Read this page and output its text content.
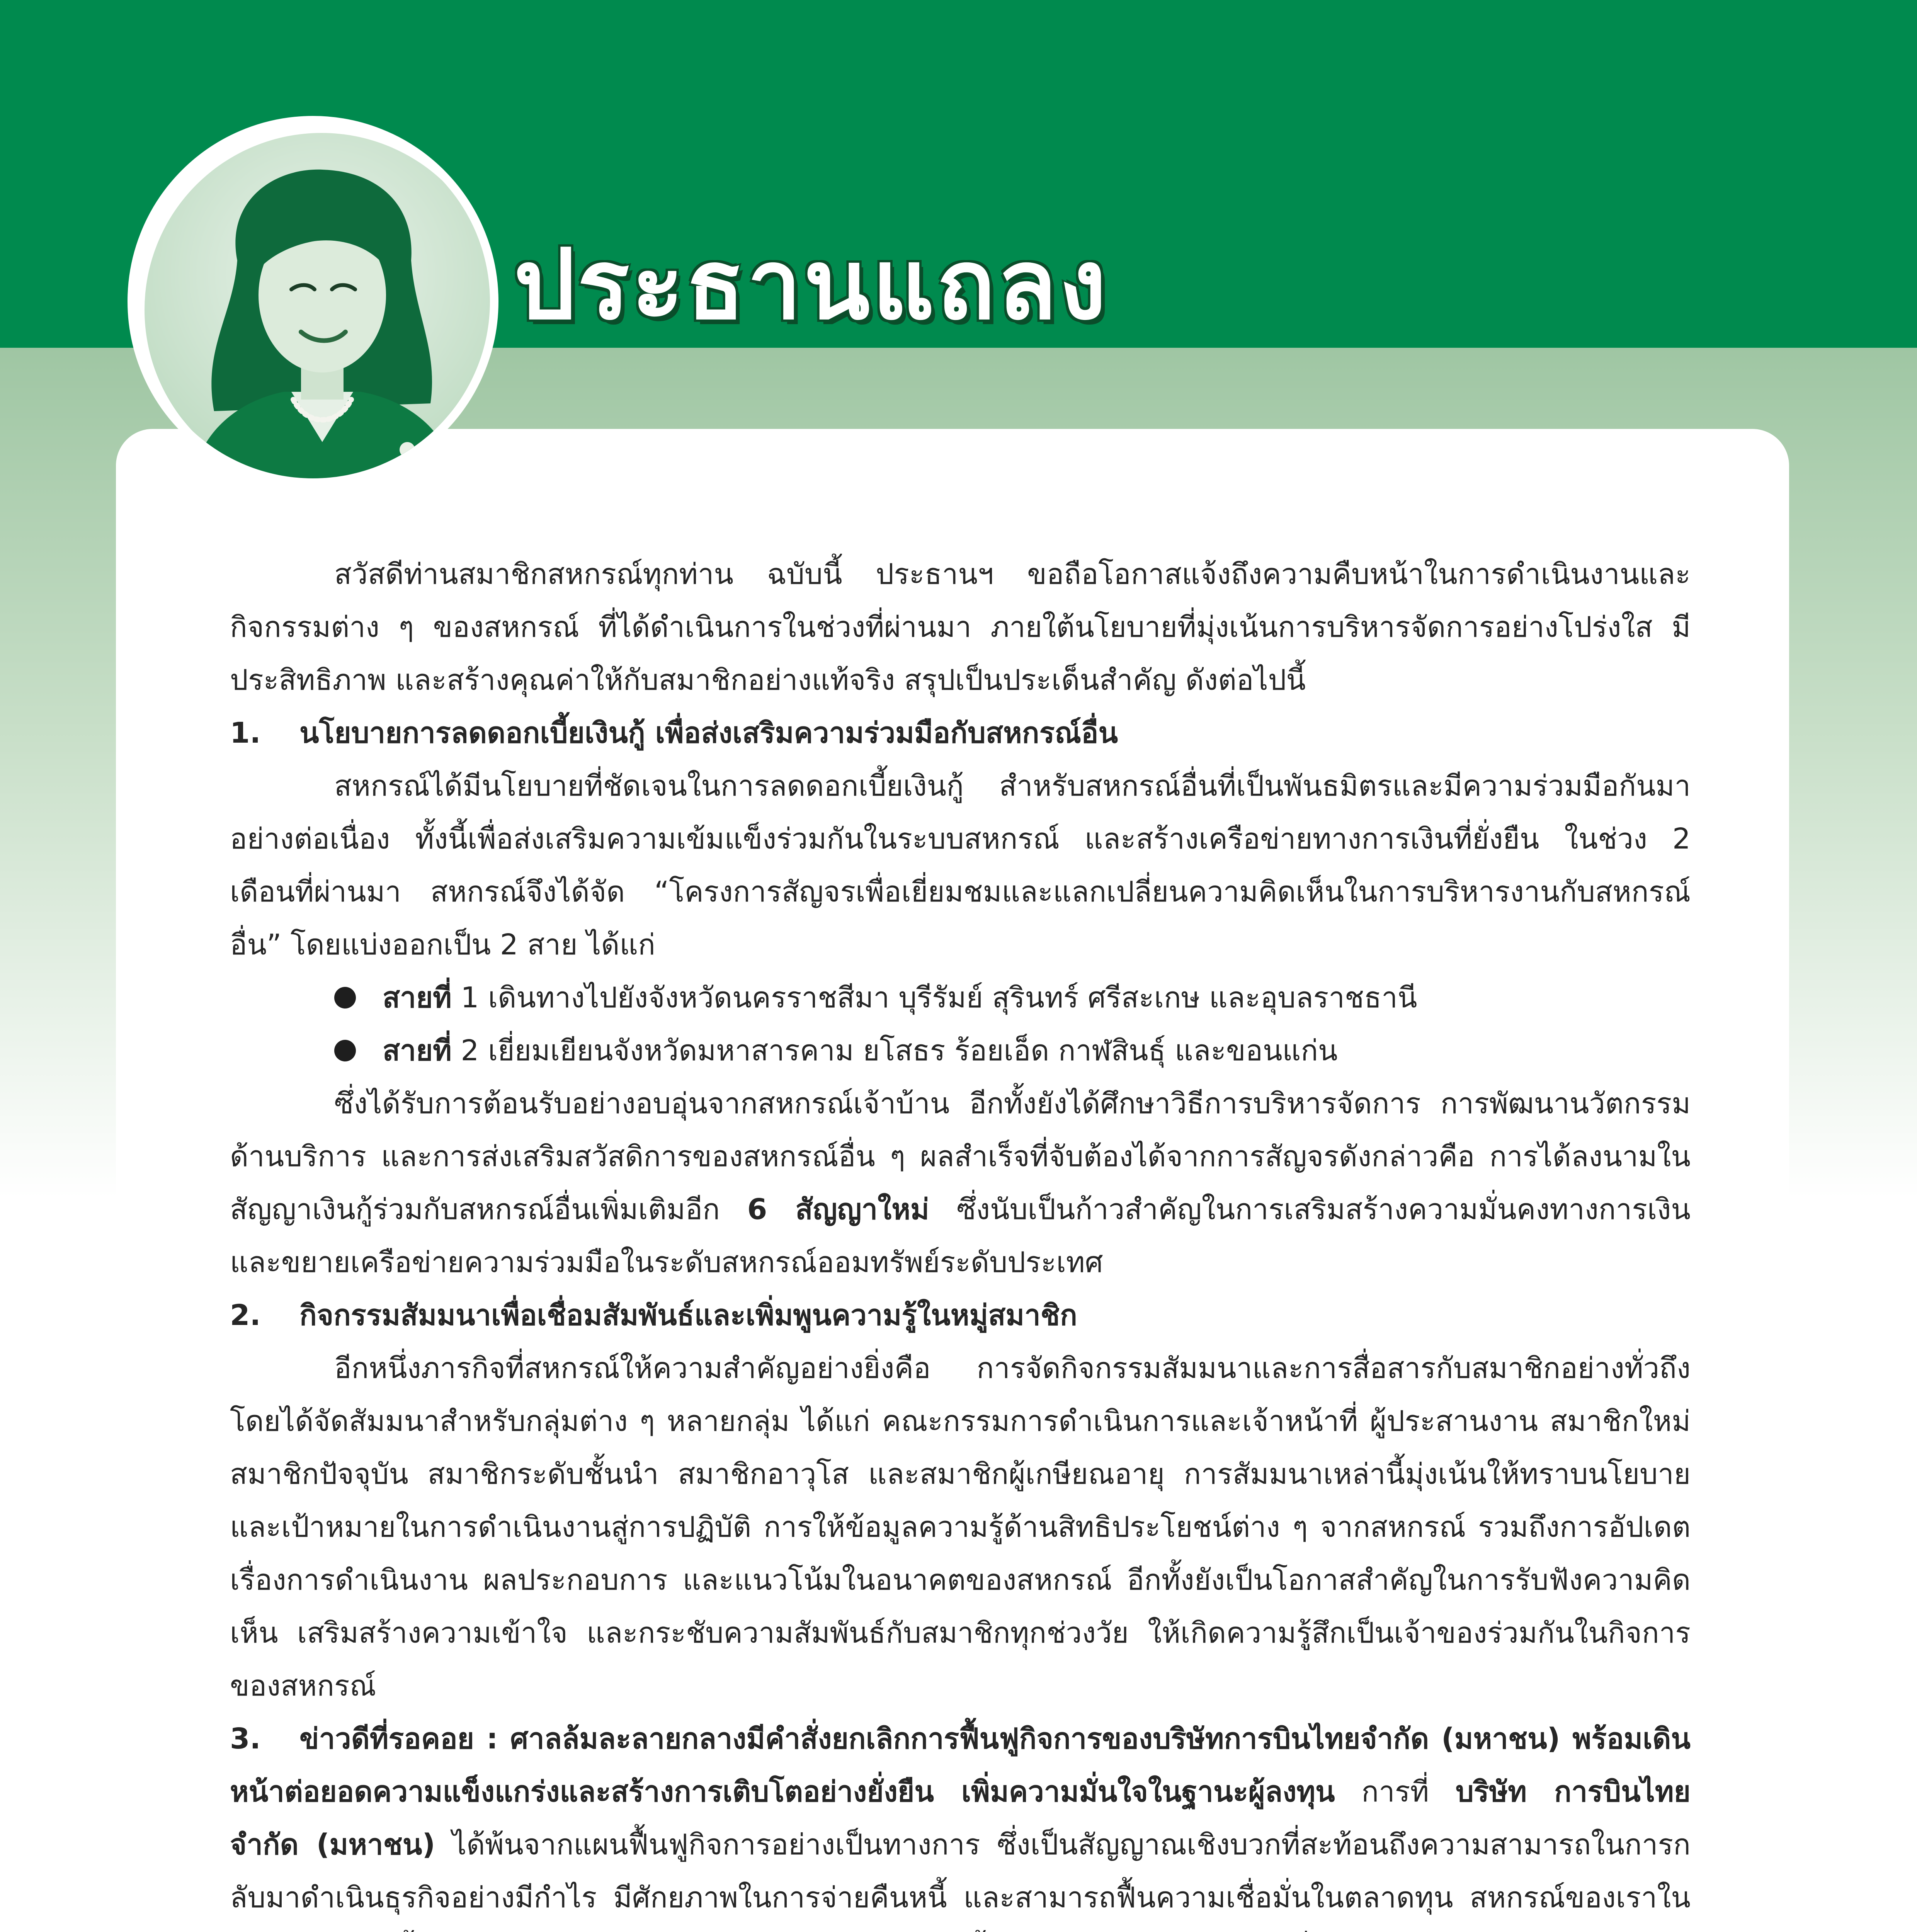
ประธานแถลง

สวัสดีท่านสมาชิกสหกรณ์ทุกท่าน ฉบับนี้ ประธานฯ ขอถือโอกาสแจ้งถึงความคืบหน้าในการดำเนินงานและกิจกรรมต่าง ๆ ของสหกรณ์ ที่ได้ดำเนินการในช่วงที่ผ่านมา ภายใต้นโยบายที่มุ่งเน้นการบริหารจัดการอย่างโปร่งใส มีประสิทธิภาพ และสร้างคุณค่าให้กับสมาชิกอย่างแท้จริง สรุปเป็นประเด็นสำคัญ ดังต่อไปนี้

1. นโยบายการลดดอกเบี้ยเงินกู้ เพื่อส่งเสริมความร่วมมือกับสหกรณ์อื่น

สหกรณ์ได้มีนโยบายที่ชัดเจนในการลดดอกเบี้ยเงินกู้ สำหรับสหกรณ์อื่นที่เป็นพันธมิตรและมีความร่วมมือกันมาอย่างต่อเนื่อง ทั้งนี้เพื่อส่งเสริมความเข้มแข็งร่วมกันในระบบสหกรณ์ และสร้างเครือข่ายทางการเงินที่ยั่งยืน ในช่วง 2 เดือนที่ผ่านมา สหกรณ์จึงได้จัด “โครงการสัญจรเพื่อเยี่ยมชมและแลกเปลี่ยนความคิดเห็นในการบริหารงานกับสหกรณ์อื่น” โดยแบ่งออกเป็น 2 สาย ได้แก่

สายที่ 1 เดินทางไปยังจังหวัดนครราชสีมา บุรีรัมย์ สุรินทร์ ศรีสะเกษ และอุบลราชธานี

สายที่ 2 เยี่ยมเยียนจังหวัดมหาสารคาม ยโสธร ร้อยเอ็ด กาฬสินธุ์ และขอนแก่น

ซึ่งได้รับการต้อนรับอย่างอบอุ่นจากสหกรณ์เจ้าบ้าน อีกทั้งยังได้ศึกษาวิธีการบริหารจัดการ การพัฒนานวัตกรรมด้านบริการ และการส่งเสริมสวัสดิการของสหกรณ์อื่น ๆ ผลสำเร็จที่จับต้องได้จากการสัญจรดังกล่าวคือ การได้ลงนามในสัญญาเงินกู้ร่วมกับสหกรณ์อื่นเพิ่มเติมอีก 6 สัญญาใหม่ ซึ่งนับเป็นก้าวสำคัญในการเสริมสร้างความมั่นคงทางการเงิน และขยายเครือข่ายความร่วมมือในระดับสหกรณ์ออมทรัพย์ระดับประเทศ

2. กิจกรรมสัมมนาเพื่อเชื่อมสัมพันธ์และเพิ่มพูนความรู้ในหมู่สมาชิก

อีกหนึ่งภารกิจที่สหกรณ์ให้ความสำคัญอย่างยิ่งคือ การจัดกิจกรรมสัมมนาและการสื่อสารกับสมาชิกอย่างทั่วถึง โดยได้จัดสัมมนาสำหรับกลุ่มต่าง ๆ หลายกลุ่ม ได้แก่ คณะกรรมการดำเนินการและเจ้าหน้าที่ ผู้ประสานงาน สมาชิกใหม่ สมาชิกปัจจุบัน สมาชิกระดับชั้นนำ สมาชิกอาวุโส และสมาชิกผู้เกษียณอายุ การสัมมนาเหล่านี้มุ่งเน้นให้ทราบนโยบายและเป้าหมายในการดำเนินงานสู่การปฏิบัติ การให้ข้อมูลความรู้ด้านสิทธิประโยชน์ต่าง ๆ จากสหกรณ์ รวมถึงการอัปเดตเรื่องการดำเนินงาน ผลประกอบการ และแนวโน้มในอนาคตของสหกรณ์ อีกทั้งยังเป็นโอกาสสำคัญในการรับฟังความคิดเห็น เสริมสร้างความเข้าใจ และกระชับความสัมพันธ์กับสมาชิกทุกช่วงวัย ให้เกิดความรู้สึกเป็นเจ้าของร่วมกันในกิจการของสหกรณ์

3. ข่าวดีที่รอคอย : ศาลล้มละลายกลางมีคำสั่งยกเลิกการฟื้นฟูกิจการของบริษัทการบินไทยจำกัด (มหาชน) พร้อมเดินหน้าต่อยอดความแข็งแกร่งและสร้างการเติบโตอย่างยั่งยืน เพิ่มความมั่นใจในฐานะผู้ลงทุน การที่ บริษัท การบินไทย จำกัด (มหาชน) ได้พ้นจากแผนฟื้นฟูกิจการอย่างเป็นทางการ ซึ่งเป็นสัญญาณเชิงบวกที่สะท้อนถึงความสามารถในการกลับมาดำเนินธุรกิจอย่างมีกำไร มีศักยภาพในการจ่ายคืนหนี้ และสามารถฟื้นความเชื่อมั่นในตลาดทุน สหกรณ์ของเราใน
